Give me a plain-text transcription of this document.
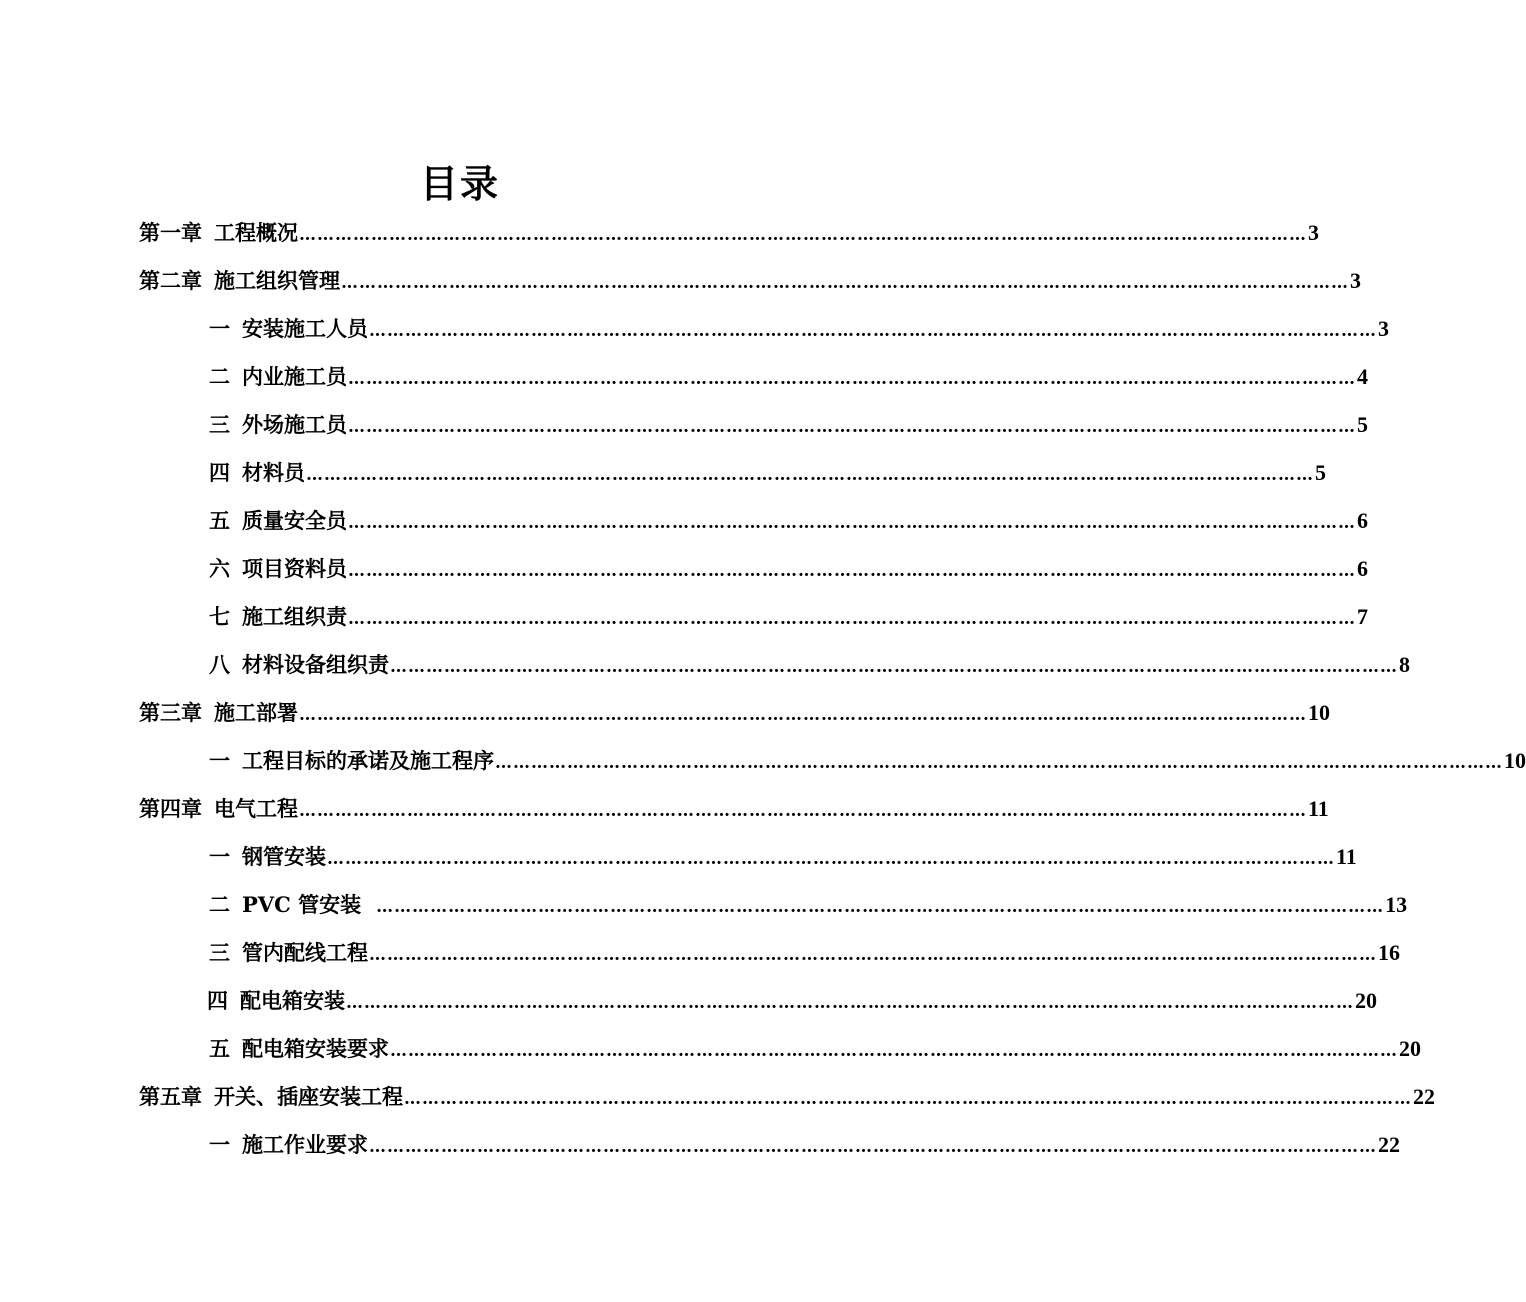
目录
第一章 工程概况 …………………………………………………………………………………………………………………………………………………… 3
第二章 施工组织管理 …………………………………………………………………………………………………………………………………………………… 3
一 安装施工人员 …………………………………………………………………………………………………………………………………………………… 3
二 内业施工员 …………………………………………………………………………………………………………………………………………………… 4
三 外场施工员 …………………………………………………………………………………………………………………………………………………… 5
四 材料员 …………………………………………………………………………………………………………………………………………………… 5
五 质量安全员 …………………………………………………………………………………………………………………………………………………… 6
六 项目资料员 …………………………………………………………………………………………………………………………………………………… 6
七 施工组织责 …………………………………………………………………………………………………………………………………………………… 7
八 材料设备组织责 …………………………………………………………………………………………………………………………………………………… 8
第三章 施工部署 …………………………………………………………………………………………………………………………………………………… 10
一 工程目标的承诺及施工程序 …………………………………………………………………………………………………………………………………………………… 10
第四章 电气工程 …………………………………………………………………………………………………………………………………………………… 11
一 钢管安装 …………………………………………………………………………………………………………………………………………………… 11
二 PVC 管安装 …………………………………………………………………………………………………………………………………………………… 13
三 管内配线工程 …………………………………………………………………………………………………………………………………………………… 16
四 配电箱安装 …………………………………………………………………………………………………………………………………………………… 20
五 配电箱安装要求 …………………………………………………………………………………………………………………………………………………… 20
第五章 开关、插座安装工程 …………………………………………………………………………………………………………………………………………………… 22
一 施工作业要求 …………………………………………………………………………………………………………………………………………………… 22
